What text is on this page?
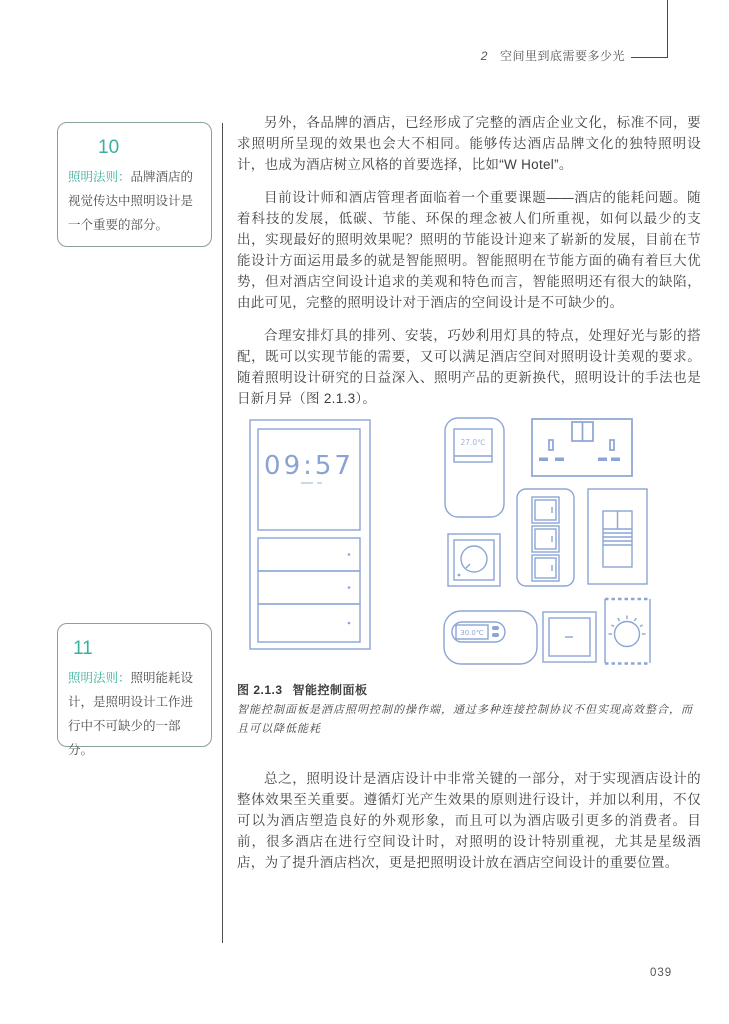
2 空间里到底需要多少光
10

照明法则：品牌酒店的视觉传达中照明设计是一个重要的部分。

11

照明法则：照明能耗设计，是照明设计工作进行中不可缺少的一部分。

另外，各品牌的酒店，已经形成了完整的酒店企业文化，标准不同，要求照明所呈现的效果也会大不相同。能够传达酒店品牌文化的独特照明设计，也成为酒店树立风格的首要选择，比如“W Hotel”。

目前设计师和酒店管理者面临着一个重要课题——酒店的能耗问题。随着科技的发展，低碳、节能、环保的理念被人们所重视，如何以最少的支出，实现最好的照明效果呢？照明的节能设计迎来了崭新的发展，目前在节能设计方面运用最多的就是智能照明。智能照明在节能方面的确有着巨大优势，但对酒店空间设计追求的美观和特色而言，智能照明还有很大的缺陷，由此可见，完整的照明设计对于酒店的空间设计是不可缺少的。

合理安排灯具的排列、安装，巧妙利用灯具的特点，处理好光与影的搭配，既可以实现节能的需要，又可以满足酒店空间对照明设计美观的要求。随着照明设计研究的日益深入、照明产品的更新换代，照明设计的手法也是日新月异（图 2.1.3）。

09:57
27.0℃
30.0℃

图 2.1.3 智能控制面板

智能控制面板是酒店照明控制的操作端，通过多种连接控制协议不但实现高效整合，而且可以降低能耗

总之，照明设计是酒店设计中非常关键的一部分，对于实现酒店设计的整体效果至关重要。遵循灯光产生效果的原则进行设计，并加以利用，不仅可以为酒店塑造良好的外观形象，而且可以为酒店吸引更多的消费者。目前，很多酒店在进行空间设计时，对照明的设计特别重视，尤其是星级酒店，为了提升酒店档次，更是把照明设计放在酒店空间设计的重要位置。

039
